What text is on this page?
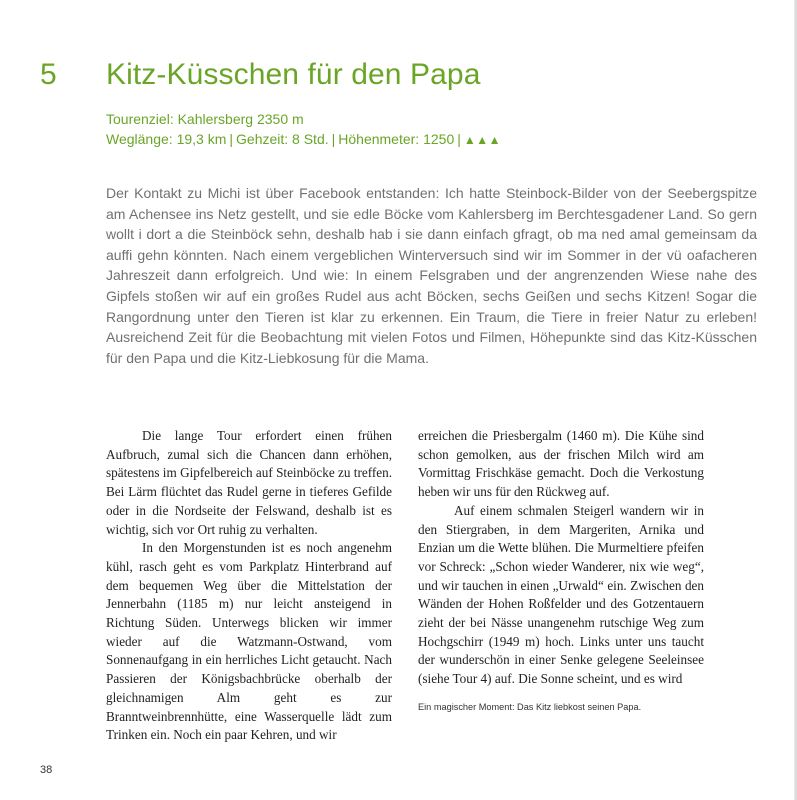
5 Kitz-Küsschen für den Papa
Tourenziel: Kahlersberg 2350 m
Weglänge: 19,3 km | Gehzeit: 8 Std. | Höhenmeter: 1250 | ▲▲▲

Der Kontakt zu Michi ist über Facebook entstanden: Ich hatte Steinbock-Bilder von der Seebergspitze am Achensee ins Netz gestellt, und sie edle Böcke vom Kahlersberg im Berchtesgadener Land. So gern wollt i dort a die Steinböck sehn, deshalb hab i sie dann einfach gfragt, ob ma ned amal gemeinsam da auffi gehn könnten. Nach einem vergeblichen Winterversuch sind wir im Sommer in der vü oafacheren Jahreszeit dann erfolgreich. Und wie: In einem Felsgraben und der angrenzenden Wiese nahe des Gipfels stoßen wir auf ein großes Rudel aus acht Böcken, sechs Geißen und sechs Kitzen! Sogar die Rangordnung unter den Tieren ist klar zu erkennen. Ein Traum, die Tiere in freier Natur zu erleben! Ausreichend Zeit für die Beobachtung mit vielen Fotos und Filmen, Höhepunkte sind das Kitz-Küsschen für den Papa und die Kitz-Liebkosung für die Mama.

Die lange Tour erfordert einen frühen Aufbruch, zumal sich die Chancen dann erhöhen, spätestens im Gipfelbereich auf Steinböcke zu treffen. Bei Lärm flüchtet das Rudel gerne in tieferes Gefilde oder in die Nordseite der Felswand, deshalb ist es wichtig, sich vor Ort ruhig zu verhalten.

In den Morgenstunden ist es noch angenehm kühl, rasch geht es vom Parkplatz Hinterbrand auf dem bequemen Weg über die Mittelstation der Jennerbahn (1185 m) nur leicht ansteigend in Richtung Süden. Unterwegs blicken wir immer wieder auf die Watzmann-Ostwand, vom Sonnenaufgang in ein herrliches Licht getaucht. Nach Passieren der Königsbachbrücke oberhalb der gleichnamigen Alm geht es zur Branntweinbrennhütte, eine Wasserquelle lädt zum Trinken ein. Noch ein paar Kehren, und wir

erreichen die Priesbergalm (1460 m). Die Kühe sind schon gemolken, aus der frischen Milch wird am Vormittag Frischkäse gemacht. Doch die Verkostung heben wir uns für den Rückweg auf.

Auf einem schmalen Steigerl wandern wir in den Stiergraben, in dem Margeriten, Arnika und Enzian um die Wette blühen. Die Murmeltiere pfeifen vor Schreck: „Schon wieder Wanderer, nix wie weg“, und wir tauchen in einen „Urwald“ ein. Zwischen den Wänden der Hohen Roßfelder und des Gotzentauern zieht der bei Nässe unangenehm rutschige Weg zum Hochgschirr (1949 m) hoch. Links unter uns taucht der wunderschön in einer Senke gelegene Seeleinsee (siehe Tour 4) auf. Die Sonne scheint, und es wird

Ein magischer Moment: Das Kitz liebkost seinen Papa.
38
